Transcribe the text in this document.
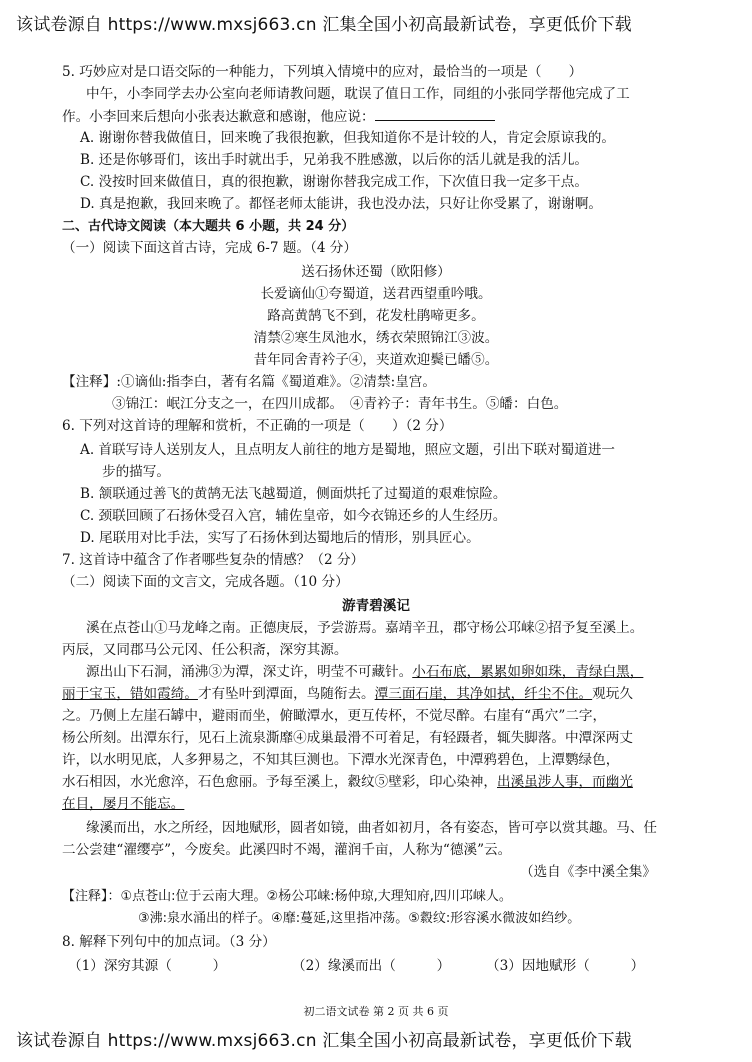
该试卷源自 https://www.mxsj663.cn 汇集全国小初高最新试卷，享更低价下载
5. 巧妙应对是口语交际的一种能力，下列填入情境中的应对，最恰当的一项是（　　）
中午，小李同学去办公室向老师请教问题，耽误了值日工作，同组的小张同学帮他完成了工
作。小李回来后想向小张表达歉意和感谢，他应说：
A. 谢谢你替我做值日，回来晚了我很抱歉，但我知道你不是计较的人，肯定会原谅我的。
B. 还是你够哥们，该出手时就出手，兄弟我不胜感激，以后你的活儿就是我的活儿。
C. 没按时回来做值日，真的很抱歉，谢谢你替我完成工作，下次值日我一定多干点。
D. 真是抱歉，我回来晚了。都怪老师太能讲，我也没办法，只好让你受累了，谢谢啊。
二、古代诗文阅读（本大题共 6 小题，共 24 分）
（一）阅读下面这首古诗，完成 6-7 题。（4 分）
送石扬休还蜀（欧阳修）
长爱谪仙①夸蜀道，送君西望重吟哦。
路高黄鹄飞不到，花发杜鹃啼更多。
清禁②寒生凤池水，绣衣荣照锦江③波。
昔年同舍青衿子④，夹道欢迎鬓已皤⑤。
【注释】:①谪仙:指李白，著有名篇《蜀道难》。②清禁:皇宫。
③锦江：岷江分支之一，在四川成都。　④青衿子：青年书生。⑤皤：白色。
6. 下列对这首诗的理解和赏析，不正确的一项是（　　）（2 分）
A. 首联写诗人送别友人，且点明友人前往的地方是蜀地，照应文题，引出下联对蜀道进一
步的描写。
B. 颔联通过善飞的黄鹄无法飞越蜀道，侧面烘托了过蜀道的艰难惊险。
C. 颈联回顾了石扬休受召入宫，辅佐皇帝，如今衣锦还乡的人生经历。
D. 尾联用对比手法，实写了石扬休到达蜀地后的情形，别具匠心。
7. 这首诗中蕴含了作者哪些复杂的情感？（2 分）
（二）阅读下面的文言文，完成各题。（10 分）
游青碧溪记
溪在点苍山①马龙峰之南。正德庚辰，予尝游焉。嘉靖辛丑，郡守杨公邛崃②招予复至溪上。
丙辰，又同郡马公元冈、任公积斋，深穷其源。
源出山下石洞，涌沸③为潭，深丈许，明莹不可藏针。小石布底，累累如卵如珠，青绿白黑，
丽于宝玉，错如霞绮。才有坠叶到潭面，鸟随衔去。潭三面石崖，其净如拭，纤尘不住。观玩久
之。乃侧上左崖石罅中，避雨而坐，俯瞰潭水，更互传杯，不觉尽醉。右崖有“禹穴”二字，
杨公所刻。出潭东行，见石上流泉澌靡④成巢最滑不可着足，有轻蹑者，辄失脚落。中潭深两丈
许，以水明见底，人多狎易之，不知其巨测也。下潭水光深青色，中潭鸦碧色，上潭鹦绿色，
水石相因，水光愈淬，石色愈丽。予每至溪上，縠纹⑤壁彩，印心染神，出溪虽涉人事，而幽光
在目，屡月不能忘。
缘溪而出，水之所经，因地赋形，圆者如镜，曲者如初月，各有姿态，皆可亭以赏其趣。马、任
二公尝建“濯缨亭”，今废矣。此溪四时不竭，灌润千亩，人称为“德溪”云。
（选自《李中溪全集》
【注释】：①点苍山:位于云南大理。②杨公邛崃:杨仲琼,大理知府,四川邛崃人。
③沸:泉水涌出的样子。④靡:蔓延,这里指冲荡。⑤縠纹:形容溪水微波如绉纱。
8. 解释下列句中的加点词。（3 分）
（1）深穷其源（　　　）	（2）缘溪而出（　　　）	（3）因地赋形（　　　）
初二语文试卷 第 2 页 共 6 页
该试卷源自 https://www.mxsj663.cn 汇集全国小初高最新试卷，享更低价下载
